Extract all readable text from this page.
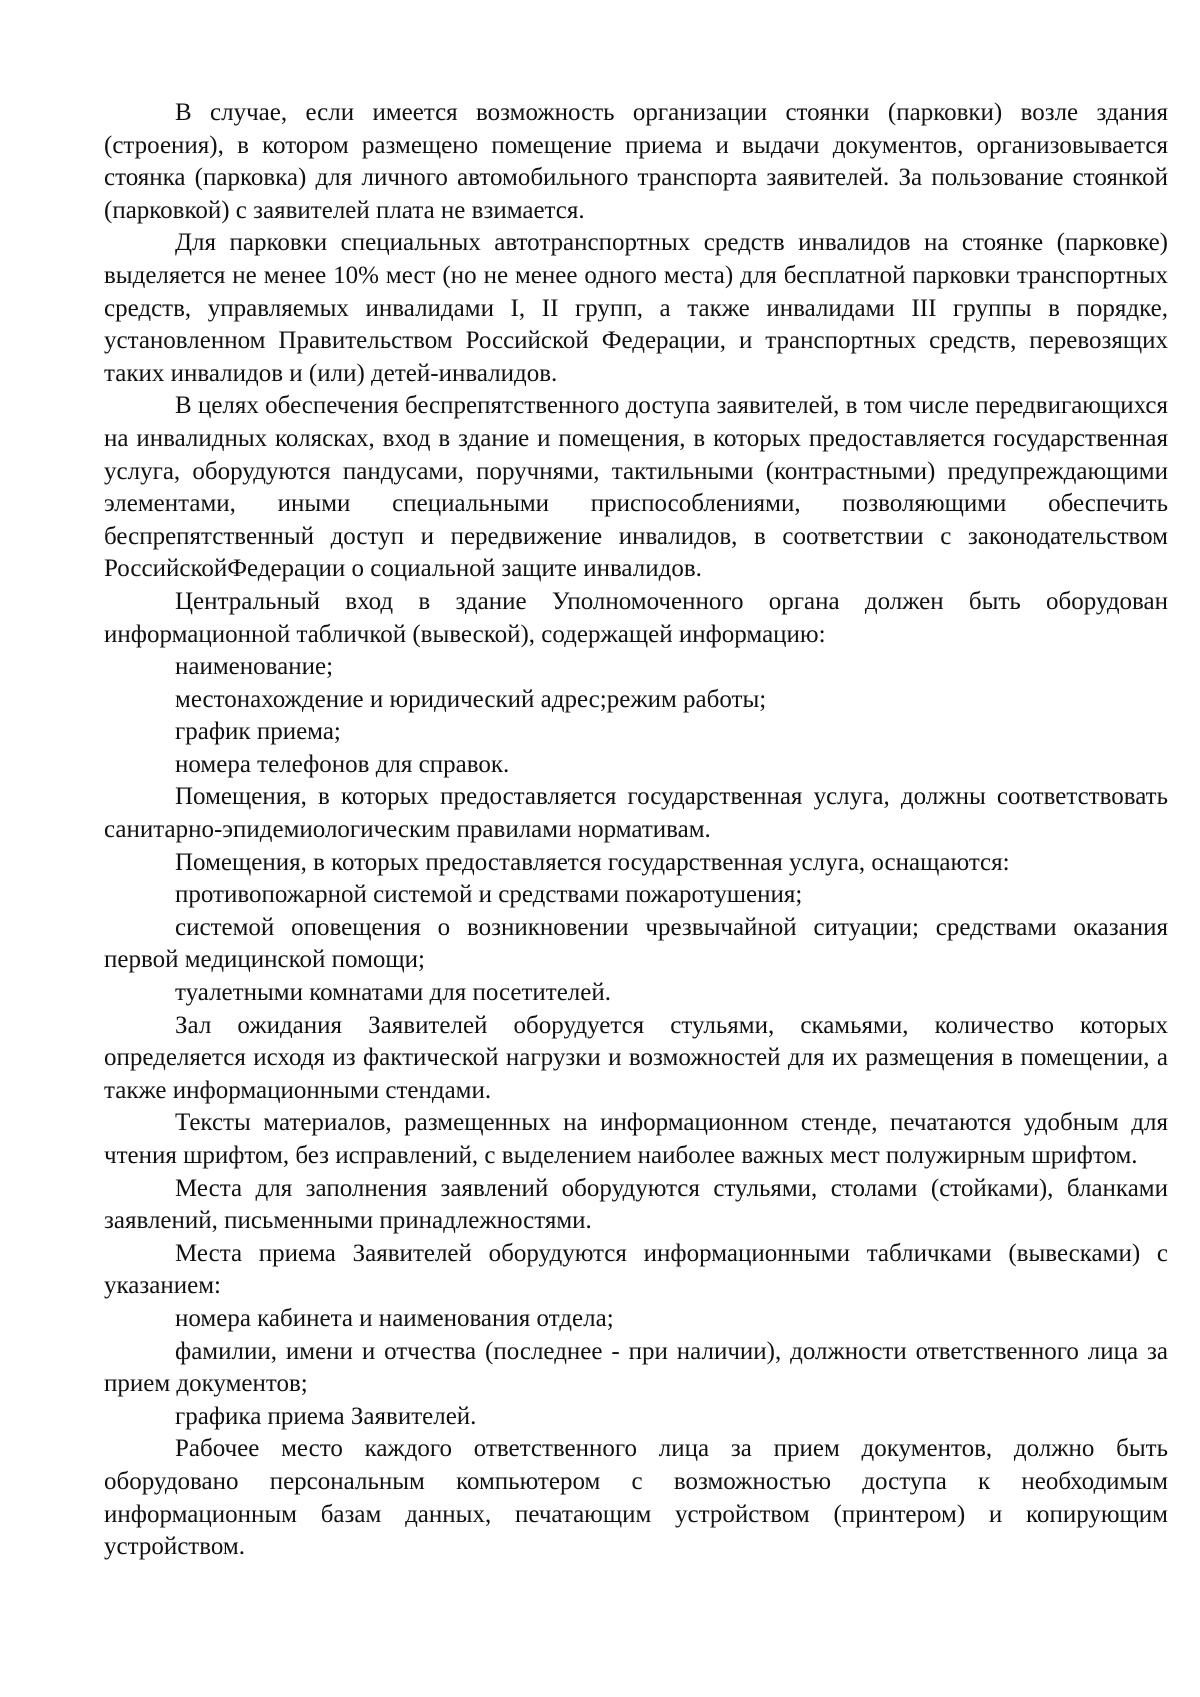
В случае, если имеется возможность организации стоянки (парковки) возле здания (строения), в котором размещено помещение приема и выдачи документов, организовывается стоянка (парковка) для личного автомобильного транспорта заявителей. За пользование стоянкой (парковкой) с заявителей плата не взимается.

Для парковки специальных автотранспортных средств инвалидов на стоянке (парковке) выделяется не менее 10% мест (но не менее одного места) для бесплатной парковки транспортных средств, управляемых инвалидами I, II групп, а также инвалидами III группы в порядке, установленном Правительством Российской Федерации, и транспортных средств, перевозящих таких инвалидов и (или) детей-инвалидов.

В целях обеспечения беспрепятственного доступа заявителей, в том числе передвигающихся на инвалидных колясках, вход в здание и помещения, в которых предоставляется государственная услуга, оборудуются пандусами, поручнями, тактильными (контрастными) предупреждающими элементами, иными специальными приспособлениями, позволяющими обеспечить беспрепятственный доступ и передвижение инвалидов, в соответствии с законодательством РоссийскойФедерации о социальной защите инвалидов.

Центральный вход в здание Уполномоченного органа должен быть оборудован информационной табличкой (вывеской), содержащей информацию:

наименование;

местонахождение и юридический адрес;режим работы;

график приема;

номера телефонов для справок.

Помещения, в которых предоставляется государственная услуга, должны соответствовать санитарно-эпидемиологическим правилами нормативам.

Помещения, в которых предоставляется государственная услуга, оснащаются:

противопожарной системой и средствами пожаротушения;

системой оповещения о возникновении чрезвычайной ситуации; средствами оказания первой медицинской помощи;

туалетными комнатами для посетителей.

Зал ожидания Заявителей оборудуется стульями, скамьями, количество которых определяется исходя из фактической нагрузки и возможностей для их размещения в помещении, а также информационными стендами.

Тексты материалов, размещенных на информационном стенде, печатаются удобным для чтения шрифтом, без исправлений, с выделением наиболее важных мест полужирным шрифтом.

Места для заполнения заявлений оборудуются стульями, столами (стойками), бланками заявлений, письменными принадлежностями.

Места приема Заявителей оборудуются информационными табличками (вывесками) с указанием:

номера кабинета и наименования отдела;

фамилии, имени и отчества (последнее - при наличии), должности ответственного лица за прием документов;

графика приема Заявителей.

Рабочее место каждого ответственного лица за прием документов, должно быть оборудовано персональным компьютером с возможностью доступа к необходимым информационным базам данных, печатающим устройством (принтером) и копирующим устройством.
